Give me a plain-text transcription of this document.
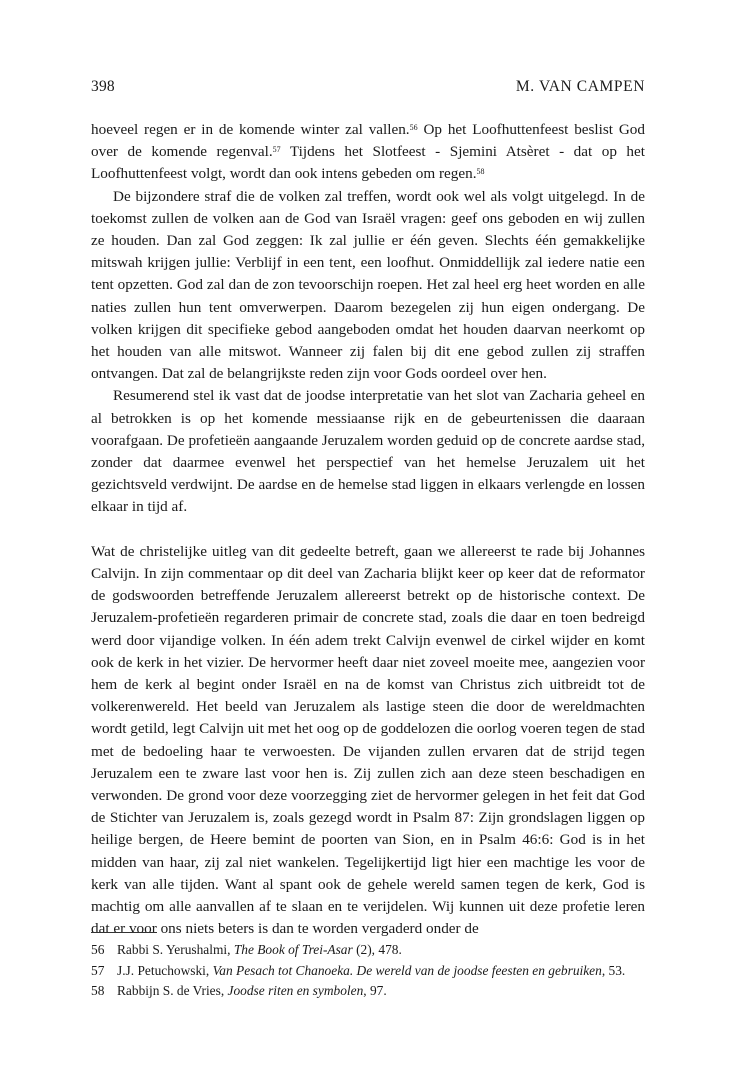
398	M. VAN CAMPEN

hoeveel regen er in de komende winter zal vallen.$^{56}$ Op het Loofhuttenfeest beslist God over de komende regenval.$^{57}$ Tijdens het Slotfeest - Sjemini Atsèret - dat op het Loofhuttenfeest volgt, wordt dan ook intens gebeden om regen.$^{58}$

De bijzondere straf die de volken zal treffen, wordt ook wel als volgt uitgelegd. In de toekomst zullen de volken aan de God van Israël vragen: geef ons geboden en wij zullen ze houden. Dan zal God zeggen: Ik zal jullie er één geven. Slechts één gemakkelijke mitswah krijgen jullie: Verblijf in een tent, een loofhut. Onmiddellijk zal iedere natie een tent opzetten. God zal dan de zon tevoorschijn roepen. Het zal heel erg heet worden en alle naties zullen hun tent omverwerpen. Daarom bezegelen zij hun eigen ondergang. De volken krijgen dit specifieke gebod aangeboden omdat het houden daarvan neerkomt op het houden van alle mitswot. Wanneer zij falen bij dit ene gebod zullen zij straffen ontvangen. Dat zal de belangrijkste reden zijn voor Gods oordeel over hen.

Resumerend stel ik vast dat de joodse interpretatie van het slot van Zacharia geheel en al betrokken is op het komende messiaanse rijk en de gebeurtenissen die daaraan voorafgaan. De profetieën aangaande Jeruzalem worden geduid op de concrete aardse stad, zonder dat daarmee evenwel het perspectief van het hemelse Jeruzalem uit het gezichtsveld verdwijnt. De aardse en de hemelse stad liggen in elkaars verlengde en lossen elkaar in tijd af.

Wat de christelijke uitleg van dit gedeelte betreft, gaan we allereerst te rade bij Johannes Calvijn. In zijn commentaar op dit deel van Zacharia blijkt keer op keer dat de reformator de godswoorden betreffende Jeruzalem allereerst betrekt op de historische context. De Jeruzalem-profetieën regarderen primair de concrete stad, zoals die daar en toen bedreigd werd door vijandige volken. In één adem trekt Calvijn evenwel de cirkel wijder en komt ook de kerk in het vizier. De hervormer heeft daar niet zoveel moeite mee, aangezien voor hem de kerk al begint onder Israël en na de komst van Christus zich uitbreidt tot de volkerenwereld. Het beeld van Jeruzalem als lastige steen die door de wereldmachten wordt getild, legt Calvijn uit met het oog op de goddelozen die oorlog voeren tegen de stad met de bedoeling haar te verwoesten. De vijanden zullen ervaren dat de strijd tegen Jeruzalem een te zware last voor hen is. Zij zullen zich aan deze steen beschadigen en verwonden. De grond voor deze voorzegging ziet de hervormer gelegen in het feit dat God de Stichter van Jeruzalem is, zoals gezegd wordt in Psalm 87: Zijn grondslagen liggen op heilige bergen, de Heere bemint de poorten van Sion, en in Psalm 46:6: God is in het midden van haar, zij zal niet wankelen. Tegelijkertijd ligt hier een machtige les voor de kerk van alle tijden. Want al spant ook de gehele wereld samen tegen de kerk, God is machtig om alle aanvallen af te slaan en te verijdelen. Wij kunnen uit deze profetie leren dat er voor ons niets beters is dan te worden vergaderd onder de

56 Rabbi S. Yerushalmi, The Book of Trei-Asar (2), 478.
57 J.J. Petuchowski, Van Pesach tot Chanoeka. De wereld van de joodse feesten en gebruiken, 53.
58 Rabbijn S. de Vries, Joodse riten en symbolen, 97.
